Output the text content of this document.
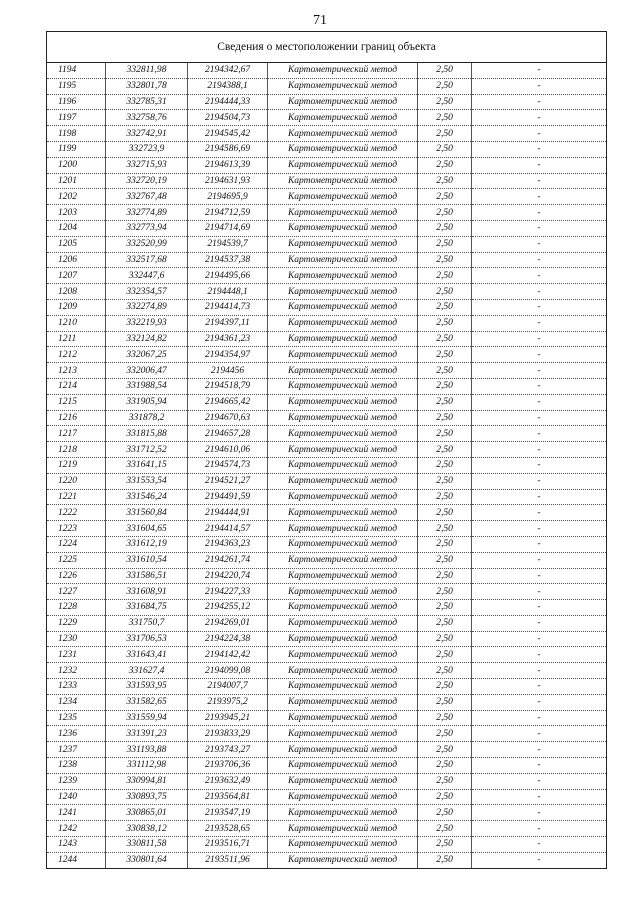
71
Сведения о местоположении границ объекта
1194	332811,98	2194342,67	Картометрический метод	2,50	-
1195	332801,78	2194388,1	Картометрический метод	2,50	-
1196	332785,31	2194444,33	Картометрический метод	2,50	-
1197	332758,76	2194504,73	Картометрический метод	2,50	-
1198	332742,91	2194545,42	Картометрический метод	2,50	-
1199	332723,9	2194586,69	Картометрический метод	2,50	-
1200	332715,93	2194613,39	Картометрический метод	2,50	-
1201	332720,19	2194631,93	Картометрический метод	2,50	-
1202	332767,48	2194695,9	Картометрический метод	2,50	-
1203	332774,89	2194712,59	Картометрический метод	2,50	-
1204	332773,94	2194714,69	Картометрический метод	2,50	-
1205	332520,99	2194539,7	Картометрический метод	2,50	-
1206	332517,68	2194537,38	Картометрический метод	2,50	-
1207	332447,6	2194495,66	Картометрический метод	2,50	-
1208	332354,57	2194448,1	Картометрический метод	2,50	-
1209	332274,89	2194414,73	Картометрический метод	2,50	-
1210	332219,93	2194397,11	Картометрический метод	2,50	-
1211	332124,82	2194361,23	Картометрический метод	2,50	-
1212	332067,25	2194354,97	Картометрический метод	2,50	-
1213	332006,47	2194456	Картометрический метод	2,50	-
1214	331988,54	2194518,79	Картометрический метод	2,50	-
1215	331905,94	2194665,42	Картометрический метод	2,50	-
1216	331878,2	2194670,63	Картометрический метод	2,50	-
1217	331815,88	2194657,28	Картометрический метод	2,50	-
1218	331712,52	2194610,06	Картометрический метод	2,50	-
1219	331641,15	2194574,73	Картометрический метод	2,50	-
1220	331553,54	2194521,27	Картометрический метод	2,50	-
1221	331546,24	2194491,59	Картометрический метод	2,50	-
1222	331560,84	2194444,91	Картометрический метод	2,50	-
1223	331604,65	2194414,57	Картометрический метод	2,50	-
1224	331612,19	2194363,23	Картометрический метод	2,50	-
1225	331610,54	2194261,74	Картометрический метод	2,50	-
1226	331586,51	2194220,74	Картометрический метод	2,50	-
1227	331608,91	2194227,33	Картометрический метод	2,50	-
1228	331684,75	2194255,12	Картометрический метод	2,50	-
1229	331750,7	2194269,01	Картометрический метод	2,50	-
1230	331706,53	2194224,38	Картометрический метод	2,50	-
1231	331643,41	2194142,42	Картометрический метод	2,50	-
1232	331627,4	2194099,08	Картометрический метод	2,50	-
1233	331593,95	2194007,7	Картометрический метод	2,50	-
1234	331582,65	2193975,2	Картометрический метод	2,50	-
1235	331559,94	2193945,21	Картометрический метод	2,50	-
1236	331391,23	2193833,29	Картометрический метод	2,50	-
1237	331193,88	2193743,27	Картометрический метод	2,50	-
1238	331112,98	2193706,36	Картометрический метод	2,50	-
1239	330994,81	2193632,49	Картометрический метод	2,50	-
1240	330893,75	2193564,81	Картометрический метод	2,50	-
1241	330865,01	2193547,19	Картометрический метод	2,50	-
1242	330838,12	2193528,65	Картометрический метод	2,50	-
1243	330811,58	2193516,71	Картометрический метод	2,50	-
1244	330801,64	2193511,96	Картометрический метод	2,50	-
